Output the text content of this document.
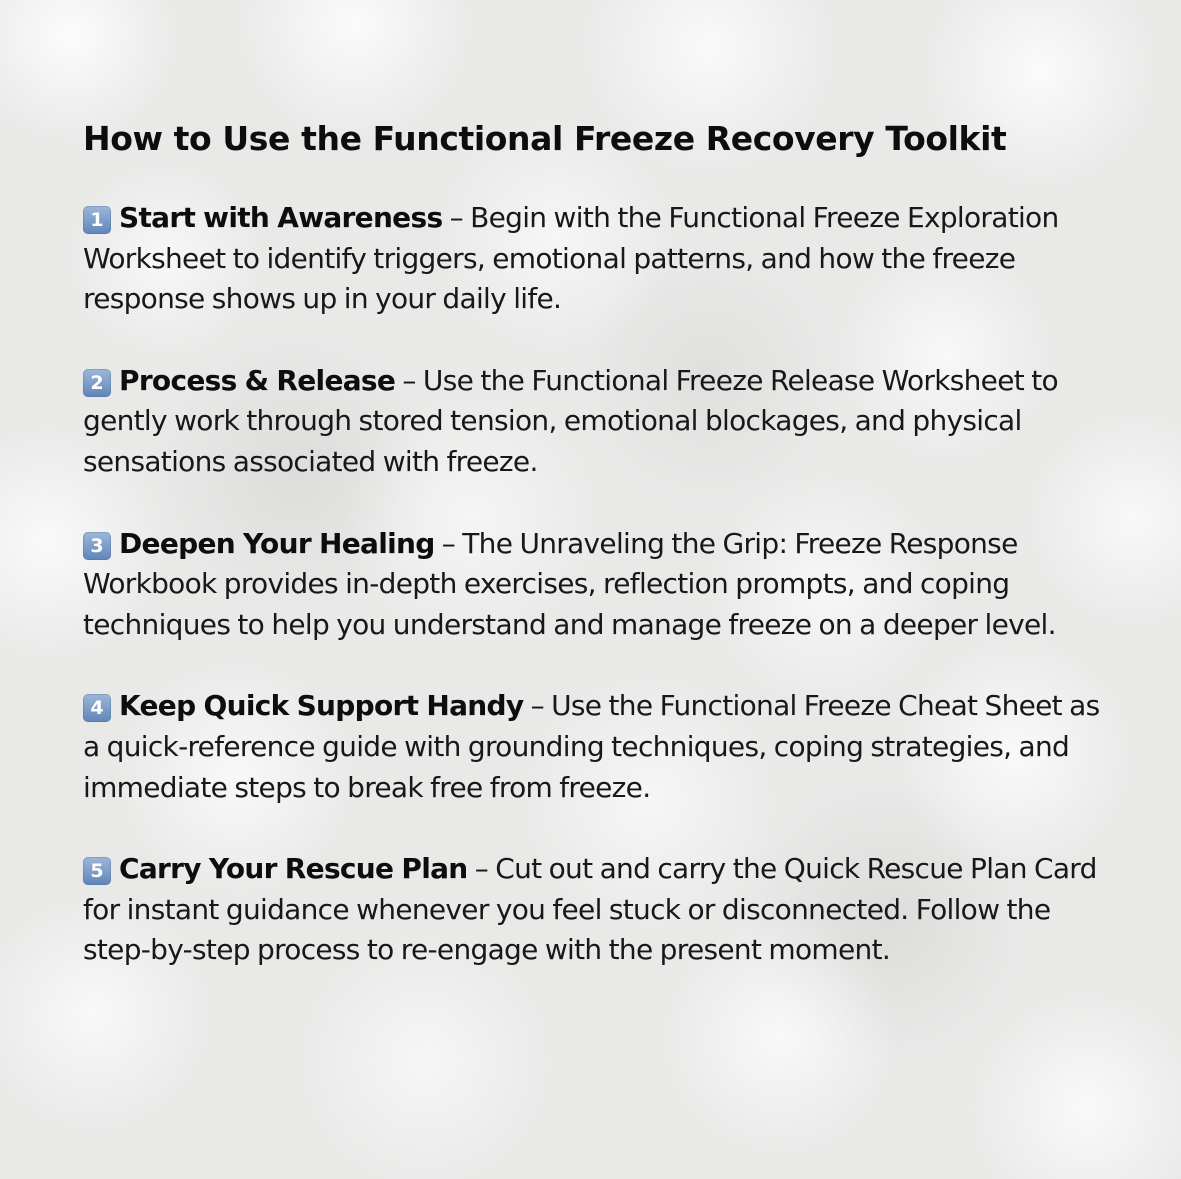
How to Use the Functional Freeze Recovery Toolkit

1 Start with Awareness – Begin with the Functional Freeze Exploration Worksheet to identify triggers, emotional patterns, and how the freeze response shows up in your daily life.

2 Process & Release – Use the Functional Freeze Release Worksheet to gently work through stored tension, emotional blockages, and physical sensations associated with freeze.

3 Deepen Your Healing – The Unraveling the Grip: Freeze Response Workbook provides in-depth exercises, reflection prompts, and coping techniques to help you understand and manage freeze on a deeper level.

4 Keep Quick Support Handy – Use the Functional Freeze Cheat Sheet as a quick-reference guide with grounding techniques, coping strategies, and immediate steps to break free from freeze.

5 Carry Your Rescue Plan – Cut out and carry the Quick Rescue Plan Card for instant guidance whenever you feel stuck or disconnected. Follow the step-by-step process to re-engage with the present moment.
